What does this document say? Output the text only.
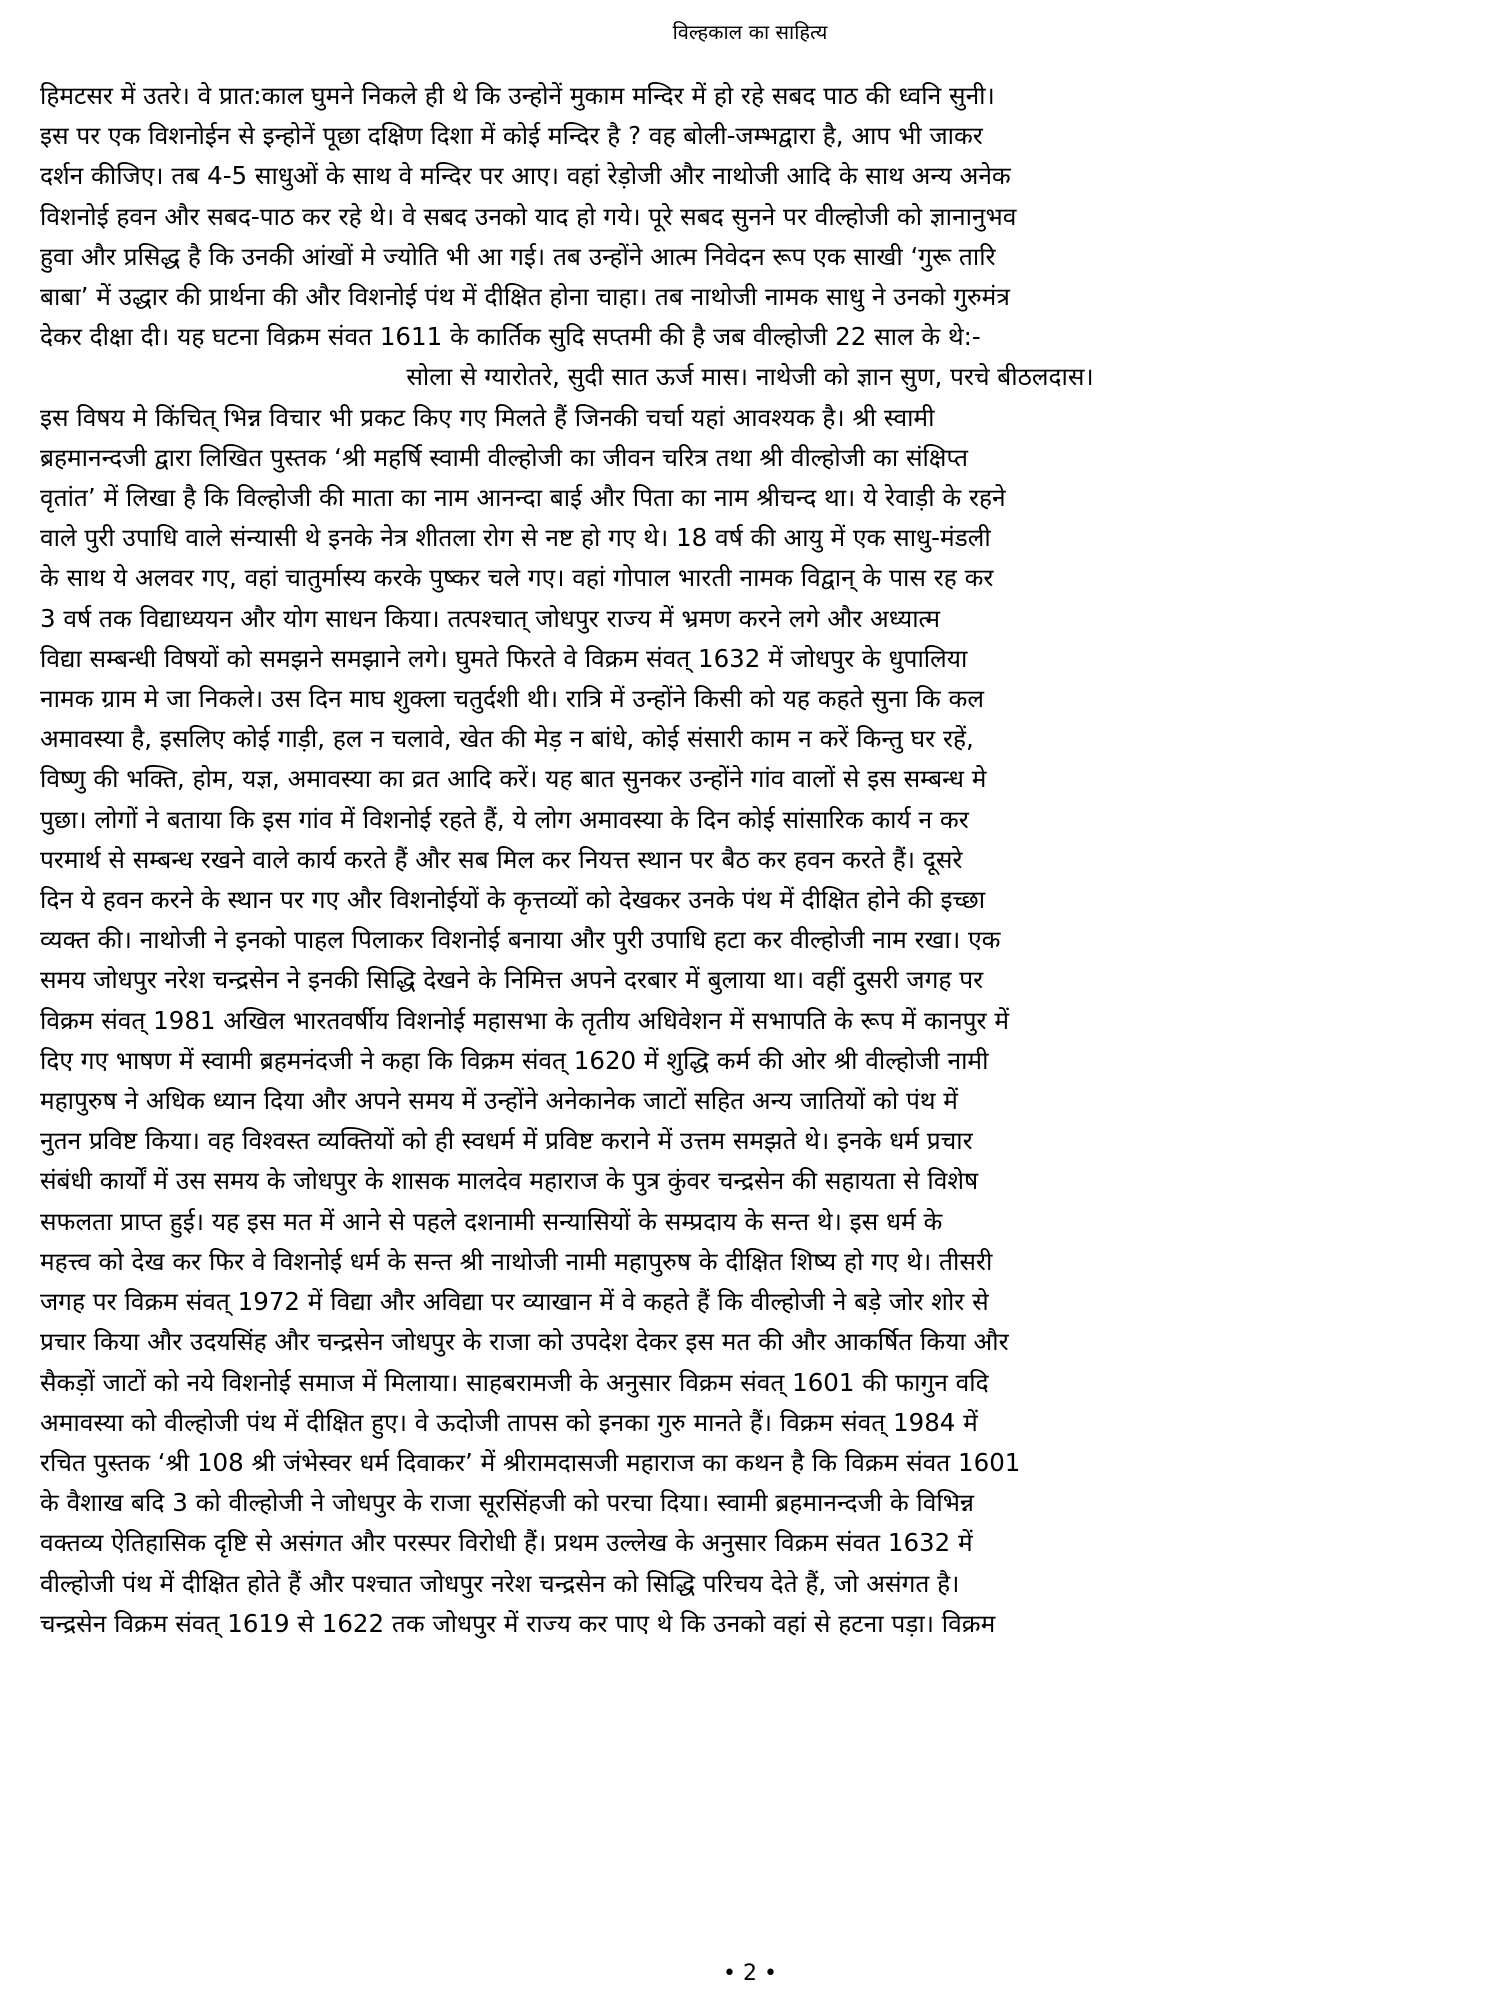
विल्हकाल का साहित्य
हिमटसर में उतरे। वे प्रात:काल घुमने निकले ही थे कि उन्होनें मुकाम मन्दिर में हो रहे सबद पाठ की ध्वनि सुनी।
इस पर एक विशनोईन से इन्होनें पूछा दक्षिण दिशा में कोई मन्दिर है ? वह बोली-जम्भद्वारा है, आप भी जाकर
दर्शन कीजिए। तब 4-5 साधुओं के साथ वे मन्दिर पर आए। वहां रेड़ोजी और नाथोजी आदि के साथ अन्य अनेक
विशनोई हवन और सबद-पाठ कर रहे थे। वे सबद उनको याद हो गये। पूरे सबद सुनने पर वील्होजी को ज्ञानानुभव
हुवा और प्रसिद्ध है कि उनकी आंखों मे ज्योति भी आ गई। तब उन्होंने आत्म निवेदन रूप एक साखी ‘गुरू तारि
बाबा’ में उद्धार की प्रार्थना की और विशनोई पंथ में दीक्षित होना चाहा। तब नाथोजी नामक साधु ने उनको गुरुमंत्र
देकर दीक्षा दी। यह घटना विक्रम संवत 1611 के कार्तिक सुदि सप्तमी की है जब वील्होजी 22 साल के थे:-
सोला से ग्यारोतरे, सुदी सात ऊर्ज मास। नाथेजी को ज्ञान सुण, परचे बीठलदास।
इस विषय मे किंचित् भिन्न विचार भी प्रकट किए गए मिलते हैं जिनकी चर्चा यहां आवश्यक है। श्री स्वामी
ब्रहमानन्दजी द्वारा लिखित पुस्तक ‘श्री महर्षि स्वामी वील्होजी का जीवन चरित्र तथा श्री वील्होजी का संक्षिप्त
वृतांत’ में लिखा है कि विल्होजी की माता का नाम आनन्दा बाई और पिता का नाम श्रीचन्द था। ये रेवाड़ी के रहने
वाले पुरी उपाधि वाले संन्यासी थे इनके नेत्र शीतला रोग से नष्ट हो गए थे। 18 वर्ष की आयु में एक साधु-मंडली
के साथ ये अलवर गए, वहां चातुर्मास्य करके पुष्कर चले गए। वहां गोपाल भारती नामक विद्वान् के पास रह कर
3 वर्ष तक विद्याध्ययन और योग साधन किया। तत्पश्चात् जोधपुर राज्य में भ्रमण करने लगे और अध्यात्म
विद्या सम्बन्धी विषयों को समझने समझाने लगे। घुमते फिरते वे विक्रम संवत् 1632 में जोधपुर के धुपालिया
नामक ग्राम मे जा निकले। उस दिन माघ शुक्ला चतुर्दशी थी। रात्रि में उन्होंने किसी को यह कहते सुना कि कल
अमावस्या है, इसलिए कोई गाड़ी, हल न चलावे, खेत की मेड़ न बांधे, कोई संसारी काम न करें किन्तु घर रहें,
विष्णु की भक्ति, होम, यज्ञ, अमावस्या का व्रत आदि करें। यह बात सुनकर उन्होंने गांव वालों से इस सम्बन्ध मे
पुछा। लोगों ने बताया कि इस गांव में विशनोई रहते हैं, ये लोग अमावस्या के दिन कोई सांसारिक कार्य न कर
परमार्थ से सम्बन्ध रखने वाले कार्य करते हैं और सब मिल कर नियत्त स्थान पर बैठ कर हवन करते हैं। दूसरे
दिन ये हवन करने के स्थान पर गए और विशनोईयों के कृत्तव्यों को देखकर उनके पंथ में दीक्षित होने की इच्छा
व्यक्त की। नाथोजी ने इनको पाहल पिलाकर विशनोई बनाया और पुरी उपाधि हटा कर वील्होजी नाम रखा। एक
समय जोधपुर नरेश चन्द्रसेन ने इनकी सिद्धि देखने के निमित्त अपने दरबार में बुलाया था। वहीं दुसरी जगह पर
विक्रम संवत् 1981 अखिल भारतवर्षीय विशनोई महासभा के तृतीय अधिवेशन में सभापति के रूप में कानपुर में
दिए गए भाषण में स्वामी ब्रहमनंदजी ने कहा कि विक्रम संवत् 1620 में शुद्धि कर्म की ओर श्री वील्होजी नामी
महापुरुष ने अधिक ध्यान दिया और अपने समय में उन्होंने अनेकानेक जाटों सहित अन्य जातियों को पंथ में
नुतन प्रविष्ट किया। वह विश्वस्त व्यक्तियों को ही स्वधर्म में प्रविष्ट कराने में उत्तम समझते थे। इनके धर्म प्रचार
संबंधी कार्यों में उस समय के जोधपुर के शासक मालदेव महाराज के पुत्र कुंवर चन्द्रसेन की सहायता से विशेष
सफलता प्राप्त हुई। यह इस मत में आने से पहले दशनामी सन्यासियों के सम्प्रदाय के सन्त थे। इस धर्म के
महत्त्व को देख कर फिर वे विशनोई धर्म के सन्त श्री नाथोजी नामी महापुरुष के दीक्षित शिष्य हो गए थे। तीसरी
जगह पर विक्रम संवत् 1972 में विद्या और अविद्या पर व्याखान में वे कहते हैं कि वील्होजी ने बड़े जोर शोर से
प्रचार किया और उदयसिंह और चन्द्रसेन जोधपुर के राजा को उपदेश देकर इस मत की और आकर्षित किया और
सैकड़ों जाटों को नये विशनोई समाज में मिलाया। साहबरामजी के अनुसार विक्रम संवत् 1601 की फागुन वदि
अमावस्या को वील्होजी पंथ में दीक्षित हुए। वे ऊदोजी तापस को इनका गुरु मानते हैं। विक्रम संवत् 1984 में
रचित पुस्तक ‘श्री 108 श्री जंभेस्वर धर्म दिवाकर’ में श्रीरामदासजी महाराज का कथन है कि विक्रम संवत 1601
के वैशाख बदि 3 को वील्होजी ने जोधपुर के राजा सूरसिंहजी को परचा दिया। स्वामी ब्रहमानन्दजी के विभिन्न
वक्तव्य ऐतिहासिक दृष्टि से असंगत और परस्पर विरोधी हैं। प्रथम उल्लेख के अनुसार विक्रम संवत 1632 में
वील्होजी पंथ में दीक्षित होते हैं और पश्चात जोधपुर नरेश चन्द्रसेन को सिद्धि परिचय देते हैं, जो असंगत है।
चन्द्रसेन विक्रम संवत् 1619 से 1622 तक जोधपुर में राज्य कर पाए थे कि उनको वहां से हटना पड़ा। विक्रम
• 2 •
